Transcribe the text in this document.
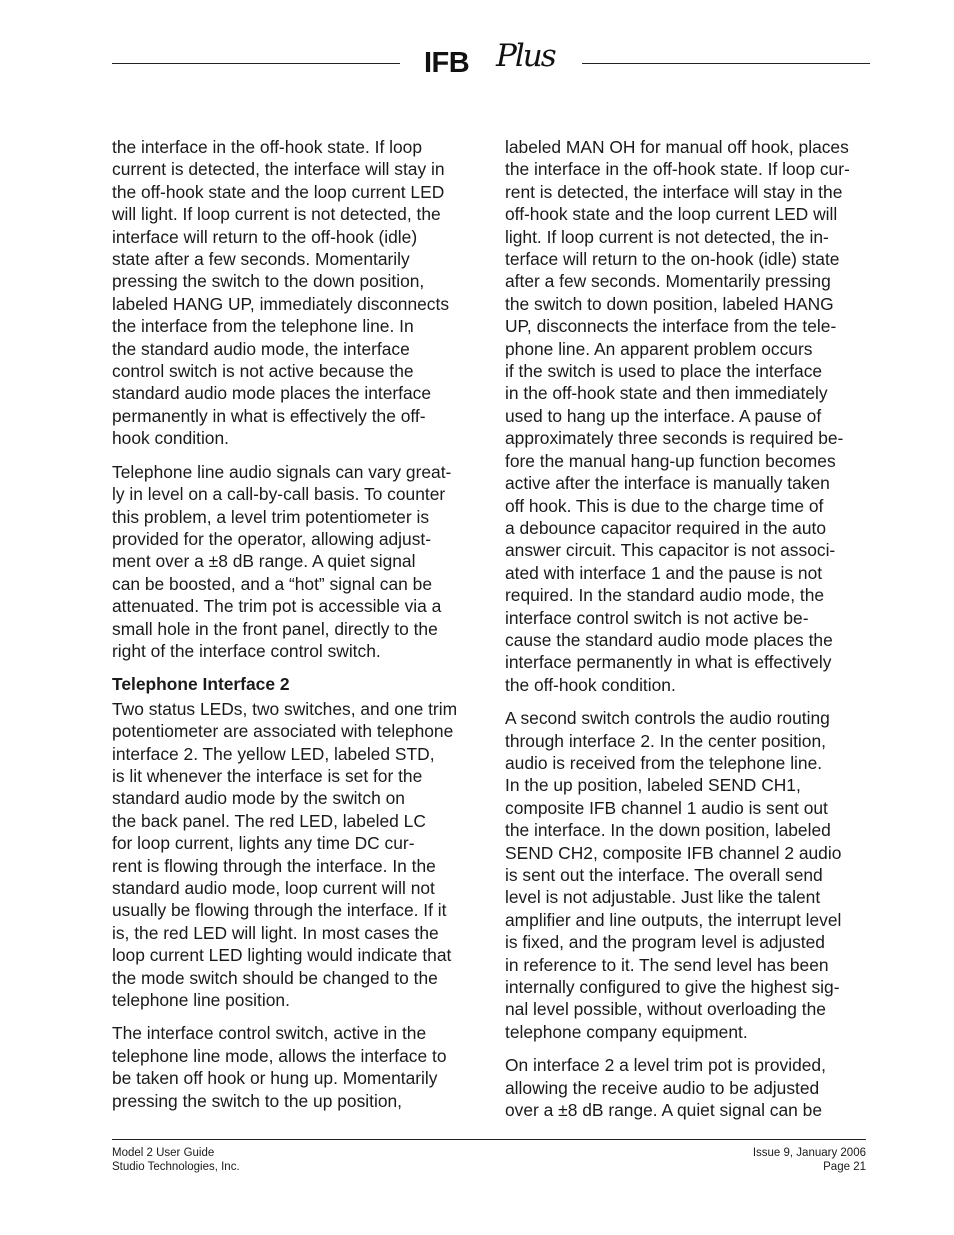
IFB Plus
the interface in the off-hook state. If loop
current is detected, the interface will stay in
the off-hook state and the loop current LED
will light. If loop current is not detected, the
interface will return to the off-hook (idle)
state after a few seconds. Momentarily
pressing the switch to the down position,
labeled HANG UP, immediately disconnects
the interface from the telephone line. In
the standard audio mode, the interface
control switch is not active because the
standard audio mode places the interface
permanently in what is effectively the off-
hook condition.
Telephone line audio signals can vary great-
ly in level on a call-by-call basis. To counter
this problem, a level trim potentiometer is
provided for the operator, allowing adjust-
ment over a ±8 dB range. A quiet signal
can be boosted, and a “hot” signal can be
attenuated. The trim pot is accessible via a
small hole in the front panel, directly to the
right of the interface control switch.
Telephone Interface 2
Two status LEDs, two switches, and one trim
potentiometer are associated with telephone
interface 2. The yellow LED, labeled STD,
is lit whenever the interface is set for the
standard audio mode by the switch on
the back panel. The red LED, labeled LC
for loop current, lights any time DC cur-
rent is flowing through the interface. In the
standard audio mode, loop current will not
usually be flowing through the interface. If it
is, the red LED will light. In most cases the
loop current LED lighting would indicate that
the mode switch should be changed to the
telephone line position.
The interface control switch, active in the
telephone line mode, allows the interface to
be taken off hook or hung up. Momentarily
pressing the switch to the up position,
labeled MAN OH for manual off hook, places
the interface in the off-hook state. If loop cur-
rent is detected, the interface will stay in the
off-hook state and the loop current LED will
light. If loop current is not detected, the in-
terface will return to the on-hook (idle) state
after a few seconds. Momentarily pressing
the switch to down position, labeled HANG
UP, disconnects the interface from the tele-
phone line. An apparent problem occurs
if the switch is used to place the interface
in the off-hook state and then immediately
used to hang up the interface. A pause of
approximately three seconds is required be-
fore the manual hang-up function becomes
active after the interface is manually taken
off hook. This is due to the charge time of
a debounce capacitor required in the auto
answer circuit. This capacitor is not associ-
ated with interface 1 and the pause is not
required. In the standard audio mode, the
interface control switch is not active be-
cause the standard audio mode places the
interface permanently in what is effectively
the off-hook condition.
A second switch controls the audio routing
through interface 2. In the center position,
audio is received from the telephone line.
In the up position, labeled SEND CH1,
composite IFB channel 1 audio is sent out
the interface. In the down position, labeled
SEND CH2, composite IFB channel 2 audio
is sent out the interface. The overall send
level is not adjustable. Just like the talent
amplifier and line outputs, the interrupt level
is fixed, and the program level is adjusted
in reference to it. The send level has been
internally configured to give the highest sig-
nal level possible, without overloading the
telephone company equipment.
On interface 2 a level trim pot is provided,
allowing the receive audio to be adjusted
over a ±8 dB range. A quiet signal can be
Model 2 User Guide
Studio Technologies, Inc.
Issue 9, January 2006
Page 21
